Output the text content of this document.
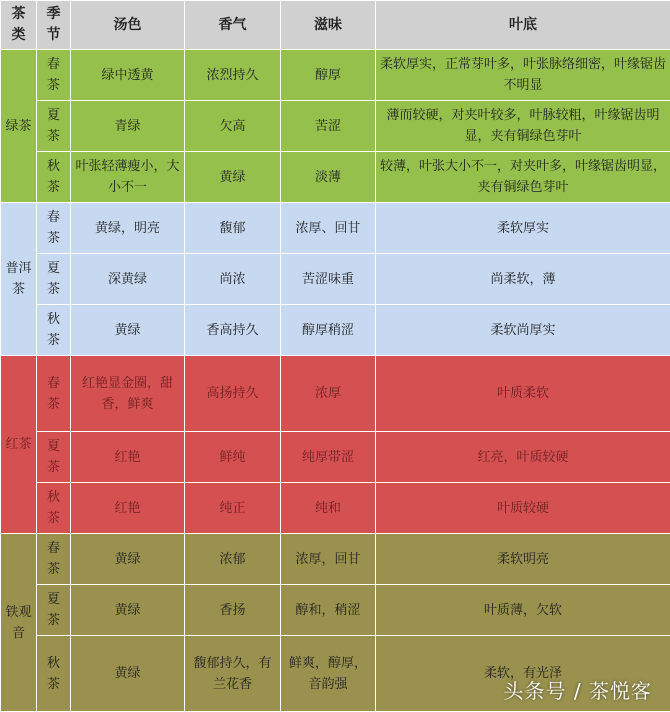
茶类	季节	汤色	香气	滋味	叶底
绿茶	春茶	绿中透黄	浓烈持久	醇厚	柔软厚实，正常芽叶多，叶张脉络细密，叶缘锯齿不明显
	夏茶	青绿	欠高	苦涩	薄而较硬，对夹叶较多，叶脉较粗，叶缘锯齿明显，夹有铜绿色芽叶
	秋茶	叶张轻薄瘦小，大小不一	黄绿	淡薄	较薄，叶张大小不一，对夹叶多，叶缘锯齿明显，夹有铜绿色芽叶
普洱茶	春茶	黄绿，明亮	馥郁	浓厚、回甘	柔软厚实
	夏茶	深黄绿	尚浓	苦涩味重	尚柔软，薄
	秋茶	黄绿	香高持久	醇厚稍涩	柔软尚厚实
红茶	春茶	红艳显金圈，甜香，鲜爽	高扬持久	浓厚	叶质柔软
	夏茶	红艳	鲜纯	纯厚带涩	红亮，叶质较硬
	秋茶	红艳	纯正	纯和	叶质较硬
铁观音	春茶	黄绿	浓郁	浓厚，回甘	柔软明亮
	夏茶	黄绿	香扬	醇和，稍涩	叶质薄，欠软
	秋茶	黄绿	馥郁持久，有兰花香	鲜爽，醇厚，音韵强	柔软，有光泽
头条号 / 茶悦客
